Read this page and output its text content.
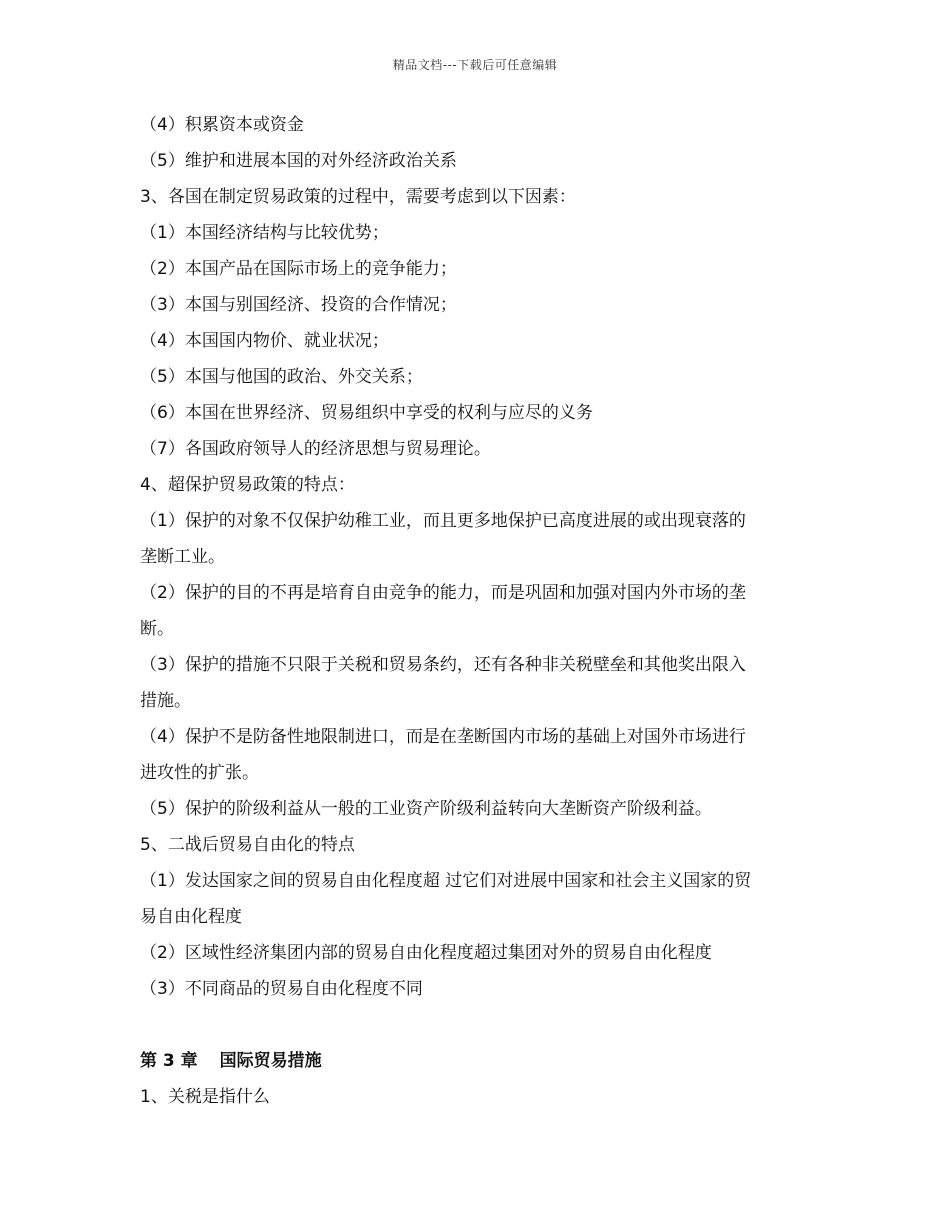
精品文档---下载后可任意编辑
（4）积累资本或资金
（5）维护和进展本国的对外经济政治关系
3、各国在制定贸易政策的过程中，需要考虑到以下因素：
（1）本国经济结构与比较优势；
（2）本国产品在国际市场上的竞争能力；
（3）本国与别国经济、投资的合作情况；
（4）本国国内物价、就业状况；
（5）本国与他国的政治、外交关系；
（6）本国在世界经济、贸易组织中享受的权利与应尽的义务
（7）各国政府领导人的经济思想与贸易理论。
4、超保护贸易政策的特点：
（1）保护的对象不仅保护幼稚工业，而且更多地保护已高度进展的或出现衰落的
垄断工业。
（2）保护的目的不再是培育自由竞争的能力，而是巩固和加强对国内外市场的垄
断。
（3）保护的措施不只限于关税和贸易条约，还有各种非关税壁垒和其他奖出限入
措施。
（4）保护不是防备性地限制进口，而是在垄断国内市场的基础上对国外市场进行
进攻性的扩张。
（5）保护的阶级利益从一般的工业资产阶级利益转向大垄断资产阶级利益。
5、二战后贸易自由化的特点
（1）发达国家之间的贸易自由化程度超 过它们对进展中国家和社会主义国家的贸
易自由化程度
（2）区域性经济集团内部的贸易自由化程度超过集团对外的贸易自由化程度
（3）不同商品的贸易自由化程度不同
第 3 章 国际贸易措施
1、关税是指什么
